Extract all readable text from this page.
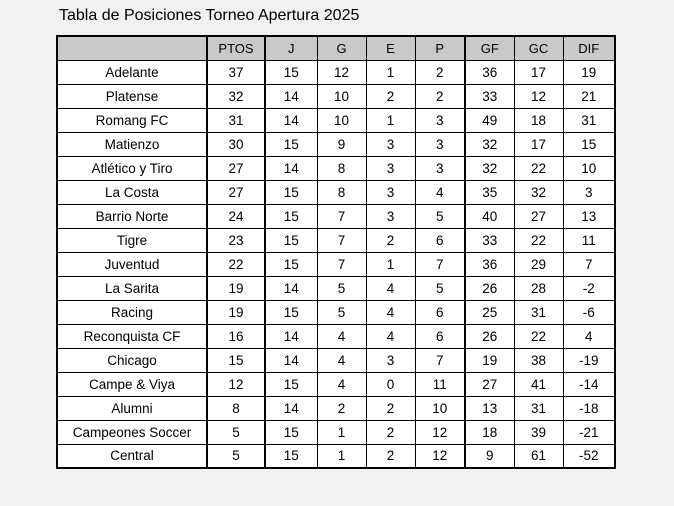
Tabla de Posiciones Torneo Apertura 2025
	PTOS	J	G	E	P	GF	GC	DIF
Adelante	37	15	12	1	2	36	17	19
Platense	32	14	10	2	2	33	12	21
Romang FC	31	14	10	1	3	49	18	31
Matienzo	30	15	9	3	3	32	17	15
Atlético y Tiro	27	14	8	3	3	32	22	10
La Costa	27	15	8	3	4	35	32	3
Barrio Norte	24	15	7	3	5	40	27	13
Tigre	23	15	7	2	6	33	22	11
Juventud	22	15	7	1	7	36	29	7
La Sarita	19	14	5	4	5	26	28	-2
Racing	19	15	5	4	6	25	31	-6
Reconquista CF	16	14	4	4	6	26	22	4
Chicago	15	14	4	3	7	19	38	-19
Campe & Viya	12	15	4	0	11	27	41	-14
Alumni	8	14	2	2	10	13	31	-18
Campeones Soccer	5	15	1	2	12	18	39	-21
Central	5	15	1	2	12	9	61	-52
